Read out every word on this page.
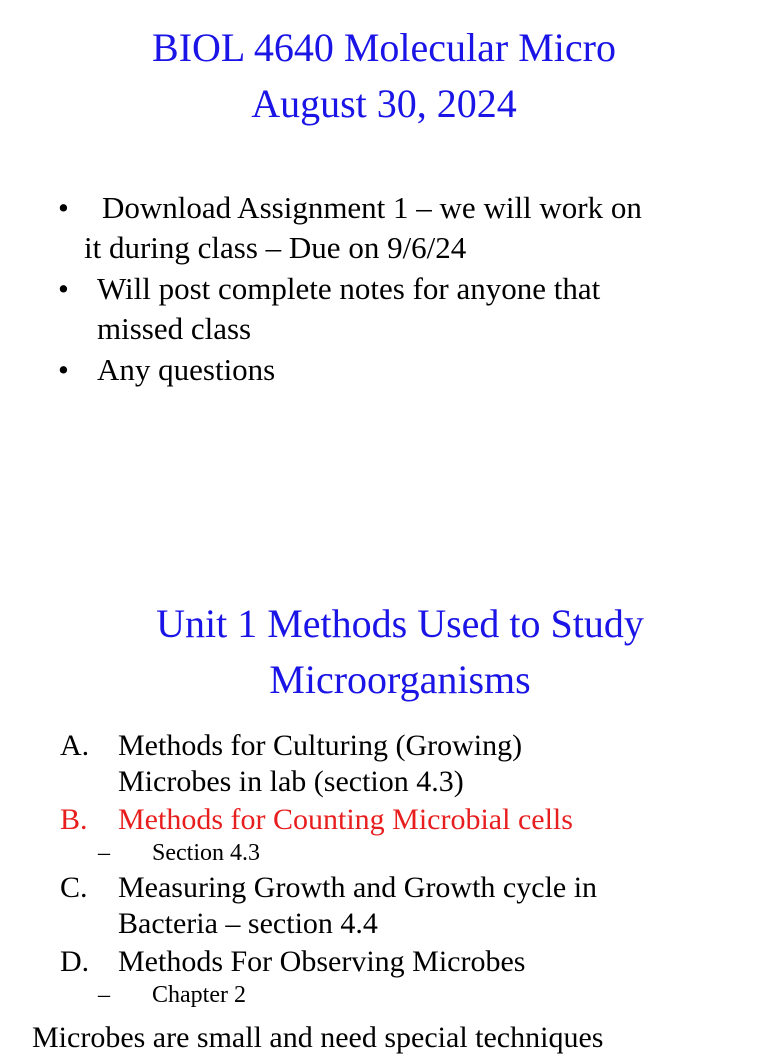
BIOL 4640 Molecular Micro
August 30, 2024
• Download Assignment 1 – we will work on
it during class – Due on 9/6/24
• Will post complete notes for anyone that
missed class
• Any questions
Unit 1 Methods Used to Study
Microorganisms
A. Methods for Culturing (Growing)
Microbes in lab (section 4.3)
B. Methods for Counting Microbial cells
– Section 4.3
C. Measuring Growth and Growth cycle in
Bacteria – section 4.4
D. Methods For Observing Microbes
– Chapter 2
Microbes are small and need special techniques
